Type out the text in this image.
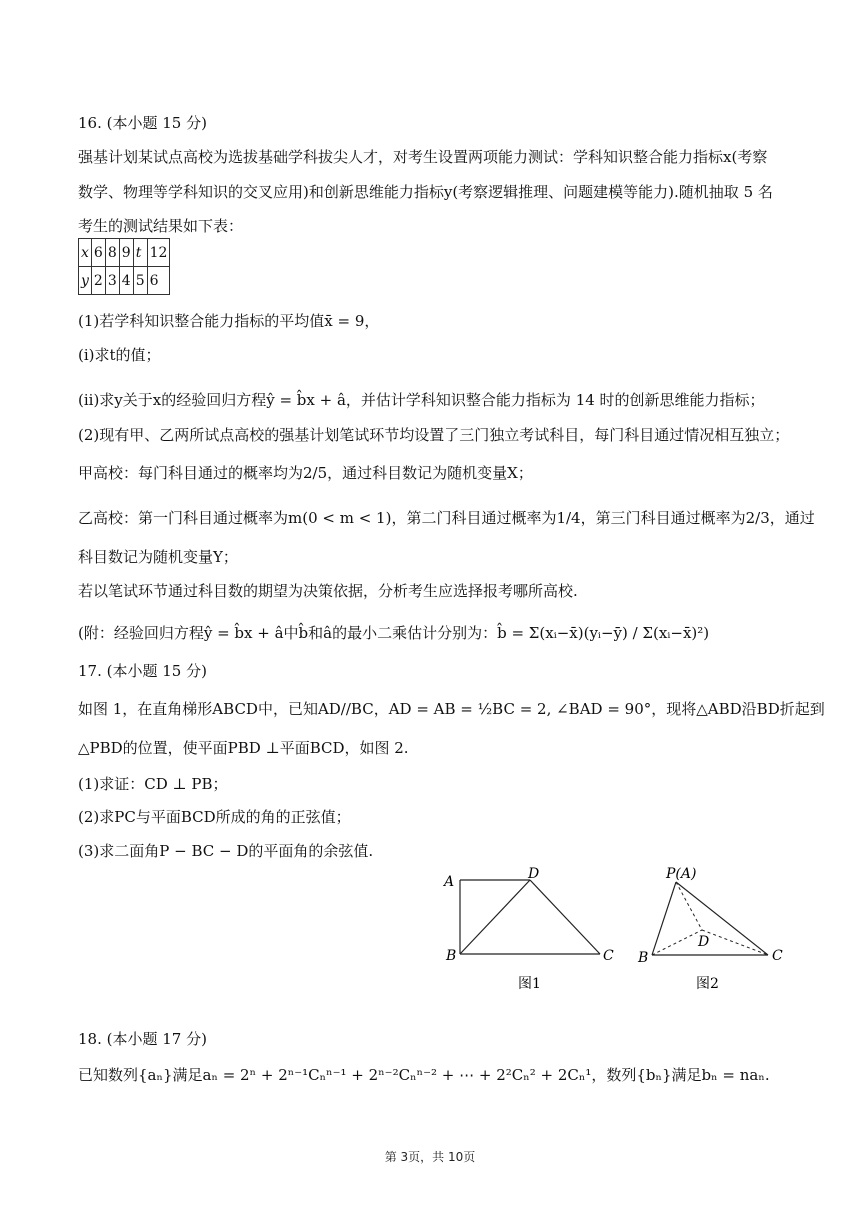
16. (本小题 15 分)
强基计划某试点高校为选拔基础学科拔尖人才，对考生设置两项能力测试：学科知识整合能力指标x(考察
数学、物理等学科知识的交叉应用)和创新思维能力指标y(考察逻辑推理、问题建模等能力).随机抽取 5 名
考生的测试结果如下表：
x	6	8	9	t	12
y	2	3	4	5	6
(1)若学科知识整合能力指标的平均值x̄ = 9，
(i)求t的值；
(ii)求y关于x的经验回归方程ŷ = b̂x + â，并估计学科知识整合能力指标为 14 时的创新思维能力指标；
(2)现有甲、乙两所试点高校的强基计划笔试环节均设置了三门独立考试科目，每门科目通过情况相互独立；
甲高校：每门科目通过的概率均为2/5，通过科目数记为随机变量X；
乙高校：第一门科目通过概率为m(0 < m < 1)，第二门科目通过概率为1/4，第三门科目通过概率为2/3，通过
科目数记为随机变量Y；
若以笔试环节通过科目数的期望为决策依据，分析考生应选择报考哪所高校.
(附：经验回归方程ŷ = b̂x + â中b̂和â的最小二乘估计分别为：b̂ = Σ(xᵢ−x̄)(yᵢ−ȳ) / Σ(xᵢ−x̄)²)
17. (本小题 15 分)
如图 1，在直角梯形ABCD中，已知AD//BC，AD = AB = ½BC = 2, ∠BAD = 90°，现将△ABD沿BD折起到
△PBD的位置，使平面PBD ⊥平面BCD，如图 2.
(1)求证：CD ⊥ PB；
(2)求PC与平面BCD所成的角的正弦值；
(3)求二面角P − BC − D的平面角的余弦值.
A	D
B	C
图1
P(A)
D
B	C
图2
18. (本小题 17 分)
已知数列{aₙ}满足aₙ = 2ⁿ + 2ⁿ⁻¹Cₙⁿ⁻¹ + 2ⁿ⁻²Cₙⁿ⁻² + ⋯ + 2²Cₙ² + 2Cₙ¹，数列{bₙ}满足bₙ = naₙ.
第 3页，共 10页
